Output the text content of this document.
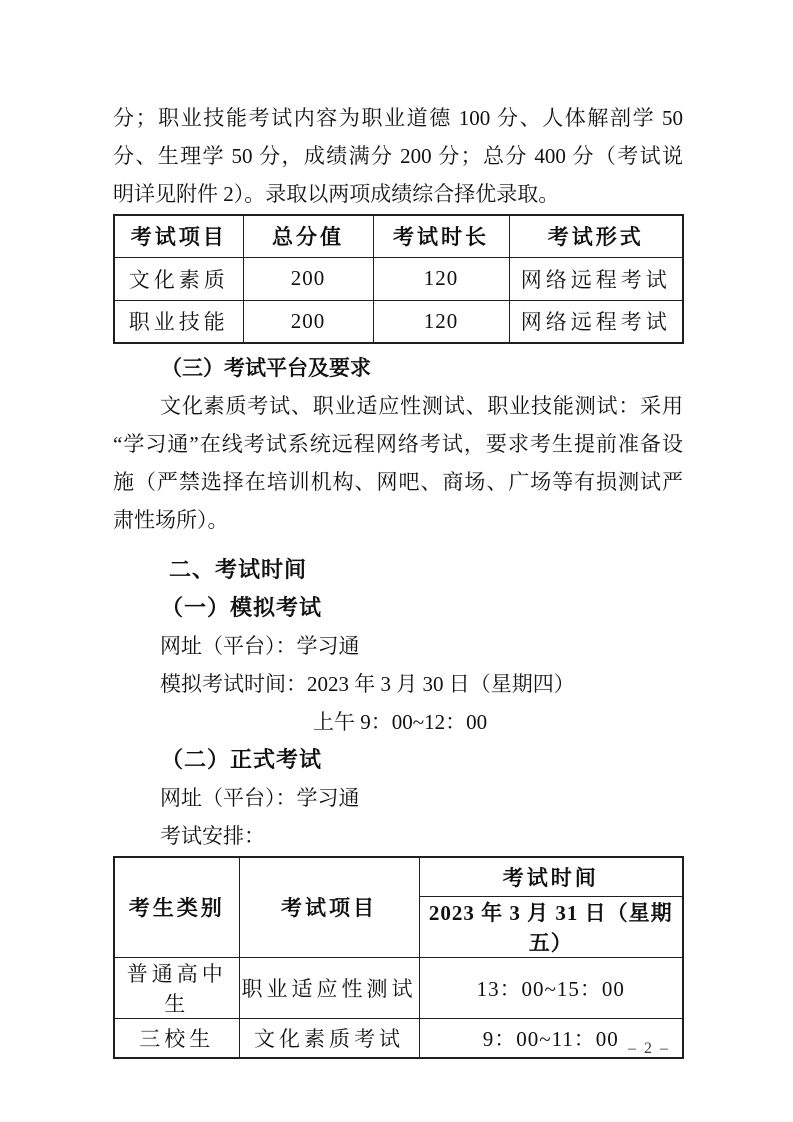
分；职业技能考试内容为职业道德 100 分、人体解剖学 50
分、生理学 50 分，成绩满分 200 分；总分 400 分（考试说
明详见附件 2）。录取以两项成绩综合择优录取。
考试项目	总分值	考试时长	考试形式
文化素质	200	120	网络远程考试
职业技能	200	120	网络远程考试
（三）考试平台及要求
文化素质考试、职业适应性测试、职业技能测试：采用
“学习通”在线考试系统远程网络考试，要求考生提前准备设
施（严禁选择在培训机构、网吧、商场、广场等有损测试严
肃性场所）。
二、考试时间
（一）模拟考试
网址（平台）：学习通
模拟考试时间：2023 年 3 月 30 日（星期四）
上午 9：00~12：00
（二）正式考试
网址（平台）：学习通
考试安排：
考生类别	考试项目	考试时间
		2023 年 3 月 31 日（星期五）
普通高中生	职业适应性测试	13：00~15：00
三校生	文化素质考试	9：00~11：00 – 2 –
